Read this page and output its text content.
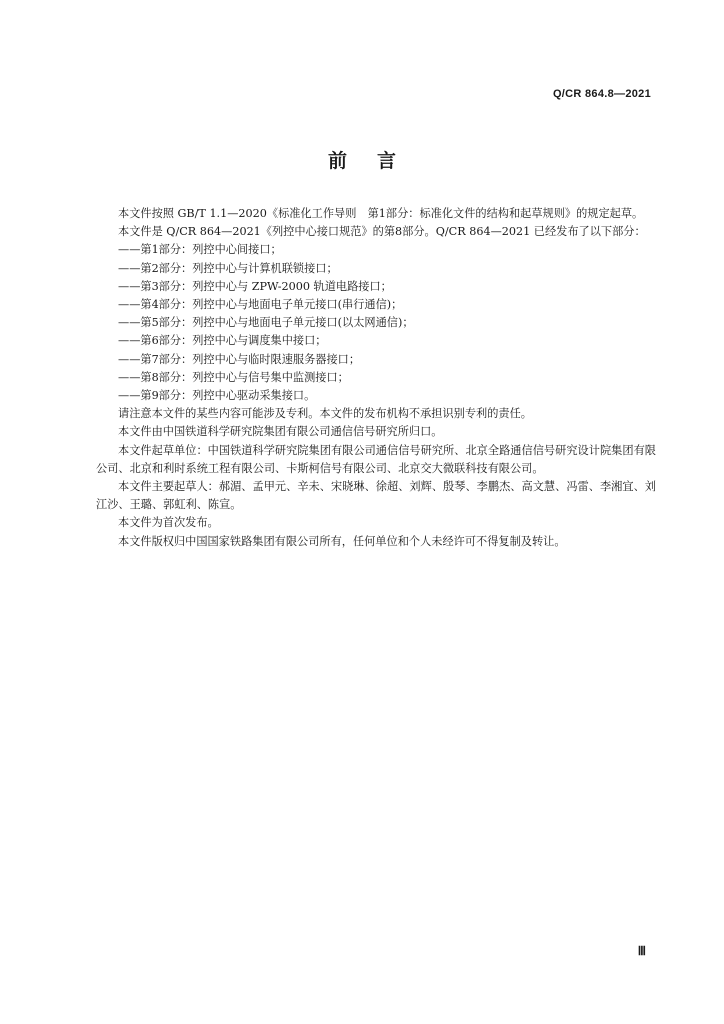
Q/CR 864.8—2021
前言

本文件按照 GB/T 1.1—2020《标准化工作导则　第1部分：标准化文件的结构和起草规则》的规定起草。

本文件是 Q/CR 864—2021《列控中心接口规范》的第8部分。Q/CR 864—2021 已经发布了以下部分：

——第1部分：列控中心间接口；

——第2部分：列控中心与计算机联锁接口；

——第3部分：列控中心与 ZPW-2000 轨道电路接口；

——第4部分：列控中心与地面电子单元接口(串行通信)；

——第5部分：列控中心与地面电子单元接口(以太网通信)；

——第6部分：列控中心与调度集中接口；

——第7部分：列控中心与临时限速服务器接口；

——第8部分：列控中心与信号集中监测接口；

——第9部分：列控中心驱动采集接口。

请注意本文件的某些内容可能涉及专利。本文件的发布机构不承担识别专利的责任。

本文件由中国铁道科学研究院集团有限公司通信信号研究所归口。

本文件起草单位：中国铁道科学研究院集团有限公司通信信号研究所、北京全路通信信号研究设计院集团有限公司、北京和利时系统工程有限公司、卡斯柯信号有限公司、北京交大微联科技有限公司。

本文件主要起草人：郝湄、孟甲元、辛未、宋晓琳、徐超、刘辉、殷琴、李鹏杰、高文慧、冯雷、李湘宜、刘江沙、王璐、郭虹利、陈宣。

本文件为首次发布。

本文件版权归中国国家铁路集团有限公司所有，任何单位和个人未经许可不得复制及转让。

Ⅲ
